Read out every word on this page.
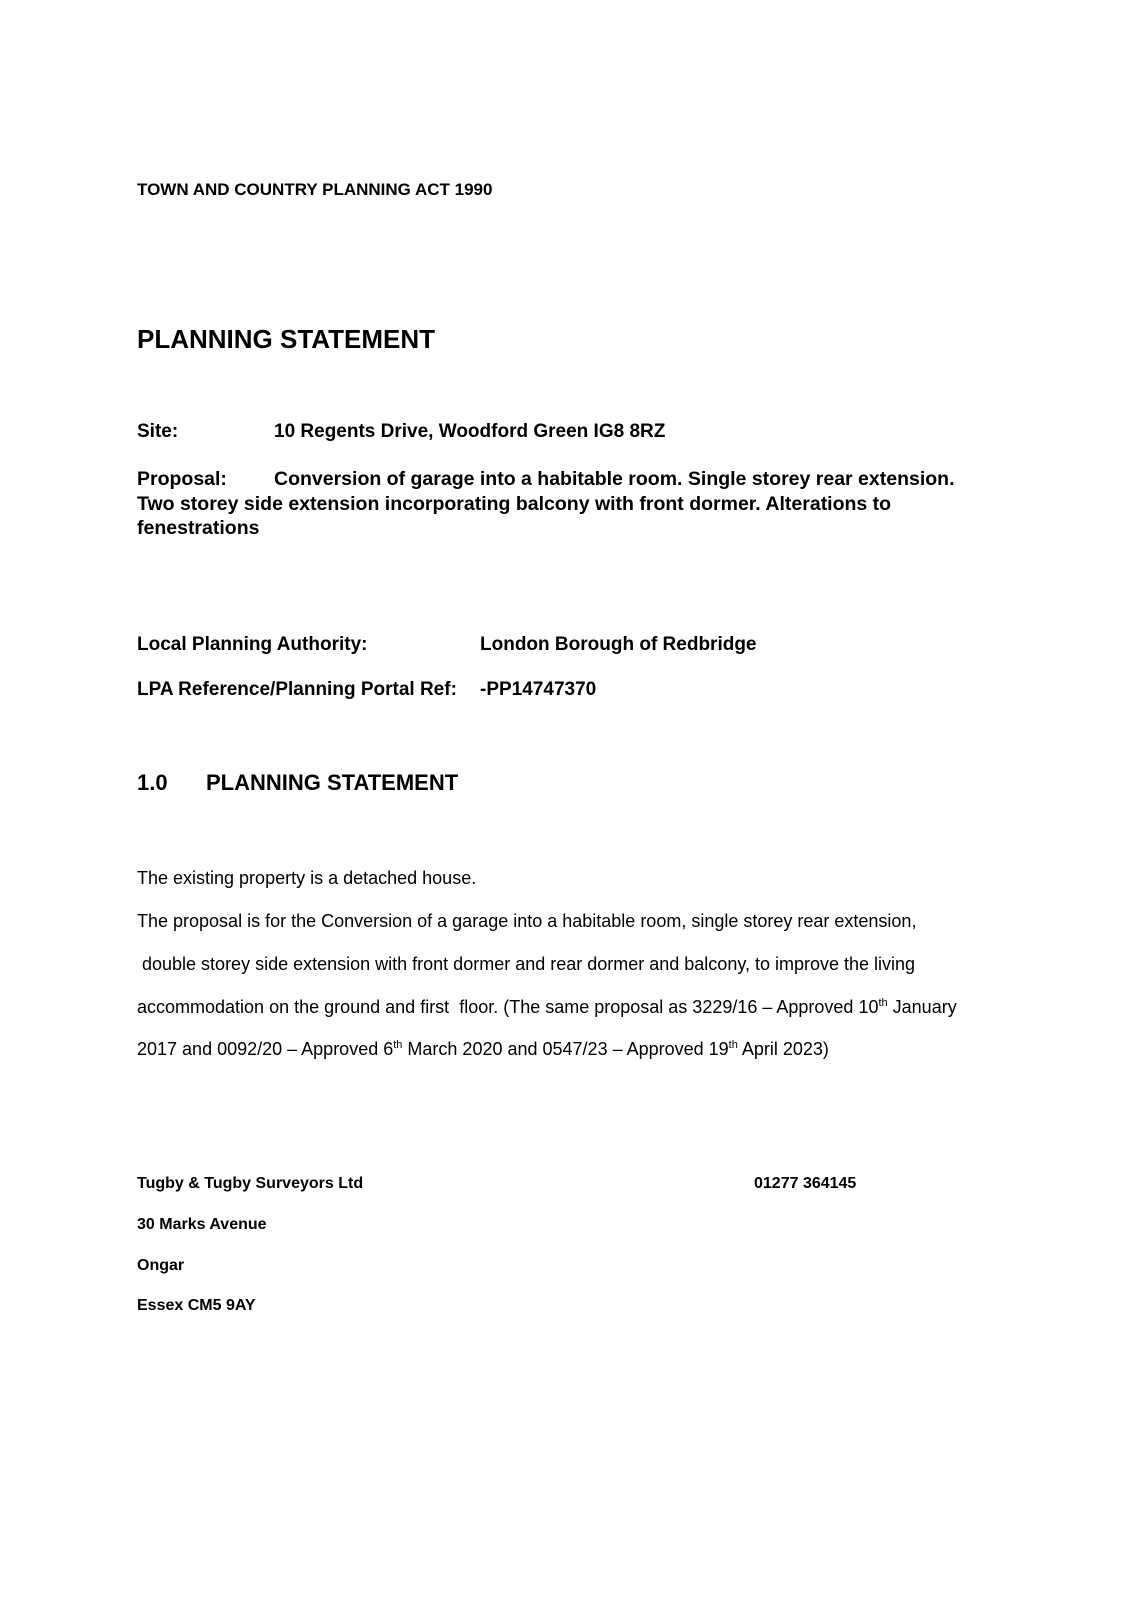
TOWN AND COUNTRY PLANNING ACT 1990
PLANNING STATEMENT
Site:	10 Regents Drive, Woodford Green IG8 8RZ
Proposal: Conversion of garage into a habitable room. Single storey rear extension. Two storey side extension incorporating balcony with front dormer. Alterations to fenestrations
Local Planning Authority:	London Borough of Redbridge
LPA Reference/Planning Portal Ref: -PP14747370
1.0 PLANNING STATEMENT
The existing property is a detached house.
The proposal is for the Conversion of a garage into a habitable room, single storey rear extension,
double storey side extension with front dormer and rear dormer and balcony, to improve the living
accommodation on the ground and first  floor. (The same proposal as 3229/16 – Approved 10th January
2017 and 0092/20 – Approved 6th March 2020 and 0547/23 – Approved 19th April 2023)
Tugby & Tugby Surveyors Ltd	01277 364145
30 Marks Avenue
Ongar
Essex CM5 9AY
